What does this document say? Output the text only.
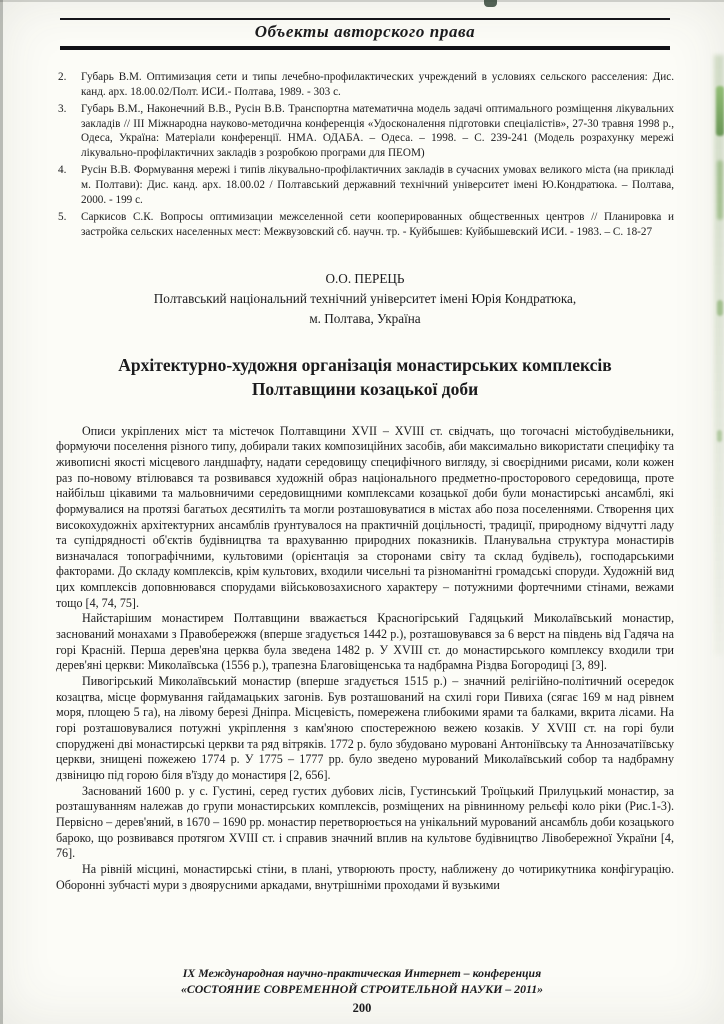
Объекты авторского права
2.	Губарь В.М. Оптимизация сети и типы лечебно-профилактических учреждений в условиях сельского расселения: Дис. канд. арх. 18.00.02/Полт. ИСИ.- Полтава, 1989. - 303 с.
3.	Губарь В.М., Наконечний В.В., Русін В.В. Транспортна математична модель задачі оптимального розміщення лікувальних закладів // ІІІ Міжнародна науково-методична конференція «Удосконалення підготовки спеціалістів», 27-30 травня 1998 р., Одеса, Україна: Матеріали конференції. НМА. ОДАБА. – Одеса. – 1998. – С. 239-241 (Модель розрахунку мережі лікувально-профілактичних закладів з розробкою програми для ПЕОМ)
4.	Русін В.В. Формування мережі і типів лікувально-профілактичних закладів в сучасних умовах великого міста (на прикладі м. Полтави): Дис. канд. арх. 18.00.02 / Полтавський державний технічний університет імені Ю.Кондратюка. – Полтава, 2000. - 199 с.
5.	Саркисов С.К. Вопросы оптимизации межселенной сети кооперированных общественных центров // Планировка и застройка сельских населенных мест: Межвузовский сб. научн. тр. - Куйбышев: Куйбышевский ИСИ. - 1983. – С. 18-27
О.О. ПЕРЕЦЬ
Полтавський національний технічний університет імені Юрія Кондратюка,
м. Полтава, Україна
Архітектурно-художня організація монастирських комплексів Полтавщини козацької доби

Описи укріплених міст та містечок Полтавщини XVII – XVIII ст. свідчать, що тогочасні містобудівельники, формуючи поселення різного типу, добирали таких композиційних засобів, аби максимально використати специфіку та живописні якості місцевого ландшафту, надати середовищу специфічного вигляду, зі своєрідними рисами, коли кожен раз по-новому втілювався та розвивався художній образ національного предметно-просторового середовища, проте найбільш цікавими та мальовничими середовищними комплексами козацької доби були монастирські ансамблі, які формувалися на протязі багатьох десятиліть та могли розташовуватися в містах або поза поселеннями. Створення цих високохудожніх архітектурних ансамблів ґрунтувалося на практичній доцільності, традиції, природному відчутті ладу та супідрядності об'єктів будівництва та врахуванню природних показників. Планувальна структура монастирів визначалася топографічними, культовими (орієнтація за сторонами світу та склад будівель), господарськими факторами. До складу комплексів, крім культових, входили чисельні та різноманітні громадські споруди. Художній вид цих комплексів доповнювався спорудами військовозахисного характеру – потужними фортечними стінами, вежами тощо [4, 74, 75].

Найстарішим монастирем Полтавщини вважається Красногірський Гадяцький Миколаївський монастир, заснований монахами з Правобережжя (вперше згадується 1442 р.), розташовувався за 6 верст на південь від Гадяча на горі Красній. Перша дерев'яна церква була зведена 1482 р. У XVIII ст. до монастирського комплексу входили три дерев'яні церкви: Миколаївська (1556 р.), трапезна Благовіщенська та надбрамна Різдва Богородиці [3, 89].

Пивогірський Миколаївський монастир (вперше згадується 1515 р.) – значний релігійно-політичний осередок козацтва, місце формування гайдамацьких загонів. Був розташований на схилі гори Пивиха (сягає 169 м над рівнем моря, площею 5 га), на лівому березі Дніпра. Місцевість, помережена глибокими ярами та балками, вкрита лісами. На горі розташовувалися потужні укріплення з кам'яною спостережною вежею козаків. У XVIII ст. на горі були споруджені дві монастирські церкви та ряд вітряків. 1772 р. було збудовано муровані Антоніївську та Аннозачатіївську церкви, знищені пожежею 1774 р. У 1775 – 1777 рр. було зведено мурований Миколаївський собор та надбрамну дзвіницю під горою біля в'їзду до монастиря [2, 656].

Заснований 1600 р. у с. Густині, серед густих дубових лісів, Густинський Троїцький Прилуцький монастир, за розташуванням належав до групи монастирських комплексів, розміщених на рівнинному рельєфі коло ріки (Рис.1-3). Первісно – дерев'яний, в 1670 – 1690 рр. монастир перетворюється на унікальний мурований ансамбль доби козацького бароко, що розвивався протягом XVIII ст. і справив значний вплив на культове будівництво Лівобережної України [4, 76].

На рівній місцині, монастирські стіни, в плані, утворюють просту, наближену до чотирикутника конфігурацію. Оборонні зубчасті мури з двоярусними аркадами, внутрішніми проходами й вузькими

ІХ Международная научно-практическая Интернет – конференция
«СОСТОЯНИЕ СОВРЕМЕННОЙ СТРОИТЕЛЬНОЙ НАУКИ – 2011»
200
